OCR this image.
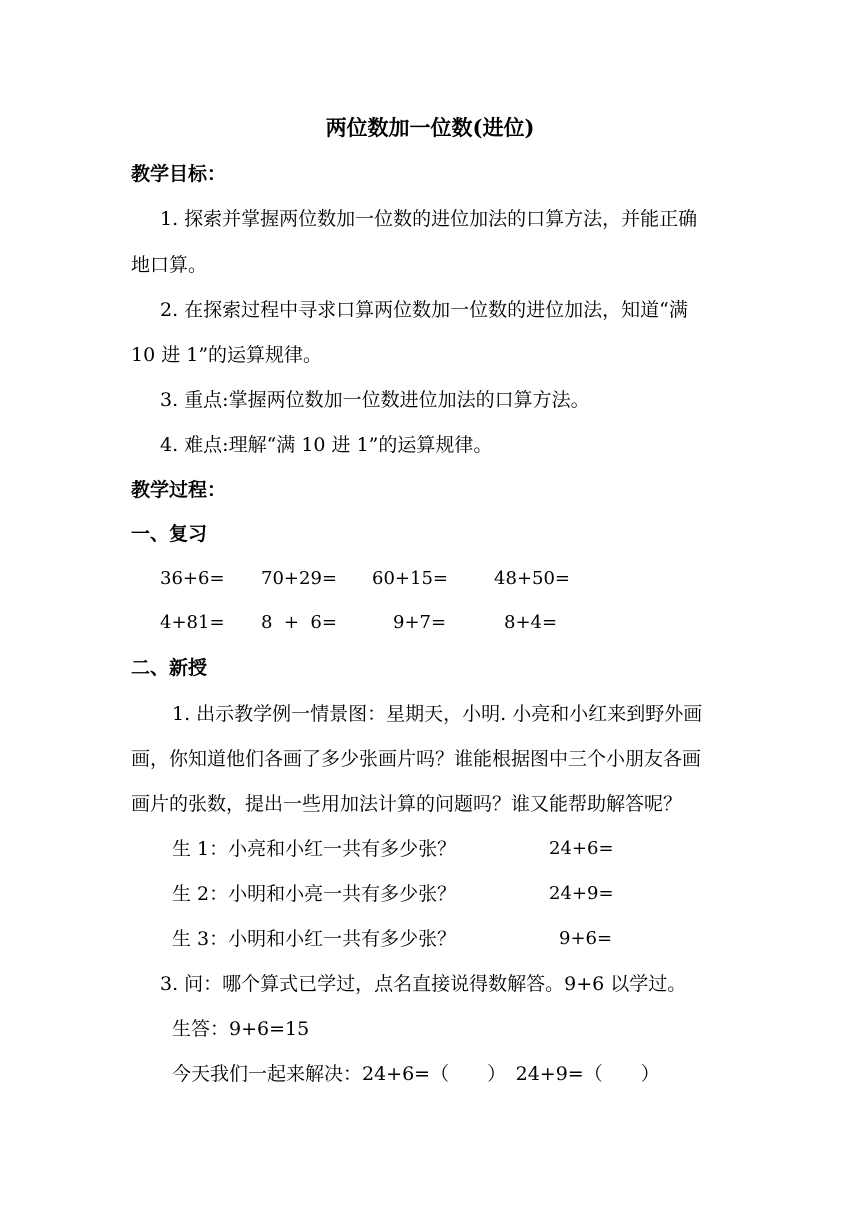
两位数加一位数(进位)
教学目标：
1. 探索并掌握两位数加一位数的进位加法的口算方法，并能正确
地口算。
2. 在探索过程中寻求口算两位数加一位数的进位加法，知道“满
10 进 1”的运算规律。
3. 重点:掌握两位数加一位数进位加法的口算方法。
4. 难点:理解“满 10 进 1”的运算规律。
教学过程：
一、复习
36+6= 70+29= 60+15=	48+50=
4+81= 8  +  6=	9+7=	8+4=
二、新授
1. 出示教学例一情景图：星期天，小明. 小亮和小红来到野外画
画，你知道他们各画了多少张画片吗？谁能根据图中三个小朋友各画
画片的张数，提出一些用加法计算的问题吗？谁又能帮助解答呢？
生 1：小亮和小红一共有多少张？	24+6=
生 2：小明和小亮一共有多少张？	24+9=
生 3：小明和小红一共有多少张？	9+6=
3. 问：哪个算式已学过，点名直接说得数解答。9+6 以学过。
生答：9+6=15
今天我们一起来解决：24+6=（　　）　24+9=（　　）
